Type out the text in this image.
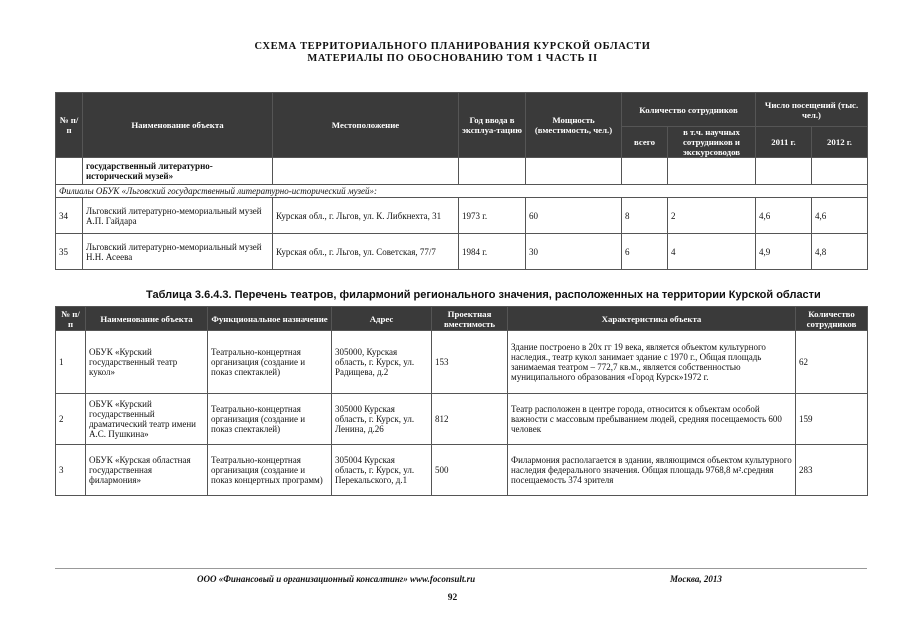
СХЕМА ТЕРРИТОРИАЛЬНОГО ПЛАНИРОВАНИЯ КУРСКОЙ ОБЛАСТИ
МАТЕРИАЛЫ ПО ОБОСНОВАНИЮ ТОМ 1 ЧАСТЬ II
№ п/п	Наименование объекта	Местоположение	Год ввода в эксплуа-тацию	Мощность (вместимость, чел.)	Количество сотрудников		Число посещений (тыс. чел.)	
					всего	в т.ч. научных сотрудников и экскурсоводов	2011 г.	2012 г.
	государственный литературно-исторический музей»							
Филиалы ОБУК «Льговский государственный литературно-исторический музей»:								
34	Льговский литературно-мемориальный музей А.П. Гайдара	Курская обл., г. Льгов, ул. К. Либкнехта, 31	1973 г.	60	8	2	4,6	4,6
35	Льговский литературно-мемориальный музей Н.Н. Асеева	Курская обл., г. Льгов, ул. Советская, 77/7	1984 г.	30	6	4	4,9	4,8
Таблица 3.6.4.3. Перечень театров, филармоний регионального значения, расположенных на территории Курской области
№ п/п	Наименование объекта	Функциональное назначение	Адрес	Проектная вместимость	Характеристика объекта	Количество сотрудников
1	ОБУК «Курский государственный театр кукол»	Театрально-концертная организация (создание и показ спектаклей)	305000, Курская область, г. Курск, ул. Радищева, д.2	153	Здание построено в 20х гг 19 века, является объектом культурного наследия., театр кукол занимает здание с 1970 г., Общая площадь занимаемая театром – 772,7 кв.м., является собственностью муниципального образования «Город Курск»1972 г.	62
2	ОБУК «Курский государственный драматический театр имени А.С. Пушкина»	Театрально-концертная организация (создание и показ спектаклей)	305000 Курская область, г. Курск, ул. Ленина, д.26	812	Театр расположен в центре города, относится к объектам особой важности с массовым пребыванием людей, средняя посещаемость 600 человек	159
3	ОБУК «Курская областная государственная филармония»	Театрально-концертная организация (создание и показ концертных программ)	305004 Курская область, г. Курск, ул. Перекальского, д.1	500	Филармония располагается в здании, являющимся объектом культурного наследия федерального значения. Общая площадь 9768,8 м².средняя посещаемость 374 зрителя	283
ООО «Финансовый и организационный консалтинг» www.foconsult.ru	Москва, 2013
92
